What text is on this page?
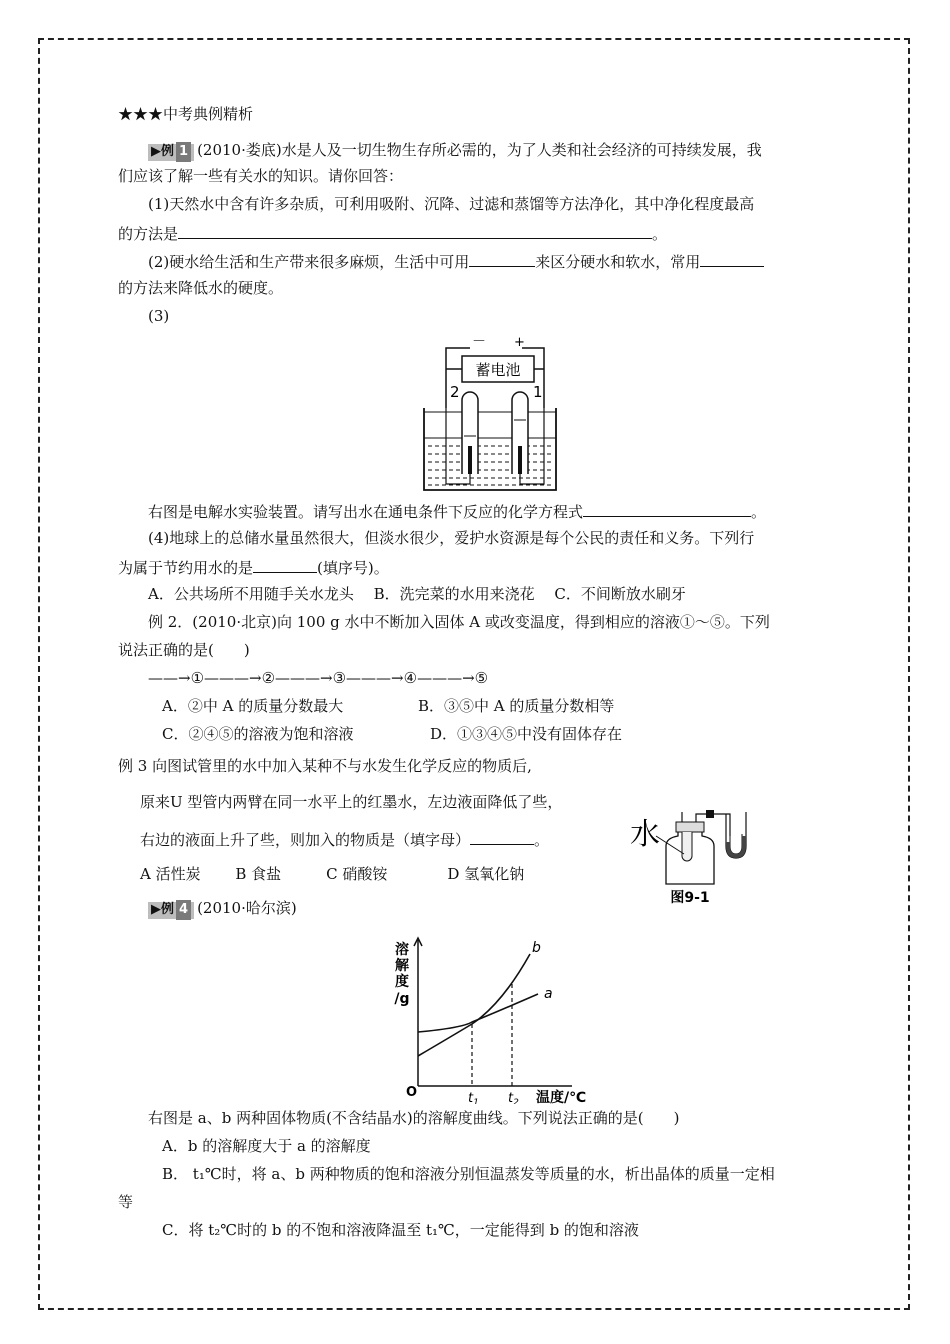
★★★中考典例精析
▶ 例 1 (2010·娄底)水是人及一切生物生存所必需的，为了人类和社会经济的可持续发展，我
们应该了解一些有关水的知识。请你回答：
(1)天然水中含有许多杂质，可利用吸附、沉降、过滤和蒸馏等方法净化，其中净化程度最高
的方法是	。
(2)硬水给生活和生产带来很多麻烦，生活中可用	来区分硬水和软水，常用
的方法来降低水的硬度。
(3)
－ +
蓄电池
2	1
右图是电解水实验装置。请写出水在通电条件下反应的化学方程式	。
(4)地球上的总储水量虽然很大，但淡水很少，爱护水资源是每个公民的责任和义务。下列行
为属于节约用水的是	(填序号)。
A．公共场所不用随手关水龙头　 B．洗完菜的水用来浇花　 C．不间断放水刷牙
例 2．(2010·北京)向 100 g 水中不断加入固体 A 或改变温度，得到相应的溶液①～⑤。下列
说法正确的是(　　)
——→①———→②———→③———→④———→⑤
A．②中 A 的质量分数最大	B．③⑤中 A 的质量分数相等
C．②④⑤的溶液为饱和溶液	D．①③④⑤中没有固体存在
例 3 向图试管里的水中加入某种不与水发生化学反应的物质后,
原来U 型管内两臂在同一水平上的红墨水，左边液面降低了些，
右边的液面上升了些，则加入的物质是（填字母）	。
A 活性炭　　 B 食盐　　　C 硝酸铵　　　　D 氢氧化钠
水
图9-1
▶ 例 4 (2010·哈尔滨)
溶
解
度
/g
b
a
O	$t_1$ $t_2$ 温度/℃
右图是 a、b 两种固体物质(不含结晶水)的溶解度曲线。下列说法正确的是(　　)
A．b 的溶解度大于 a 的溶解度
B． t₁℃时，将 a、b 两种物质的饱和溶液分别恒温蒸发等质量的水，析出晶体的质量一定相
等
C．将 t₂℃时的 b 的不饱和溶液降温至 t₁℃，一定能得到 b 的饱和溶液
